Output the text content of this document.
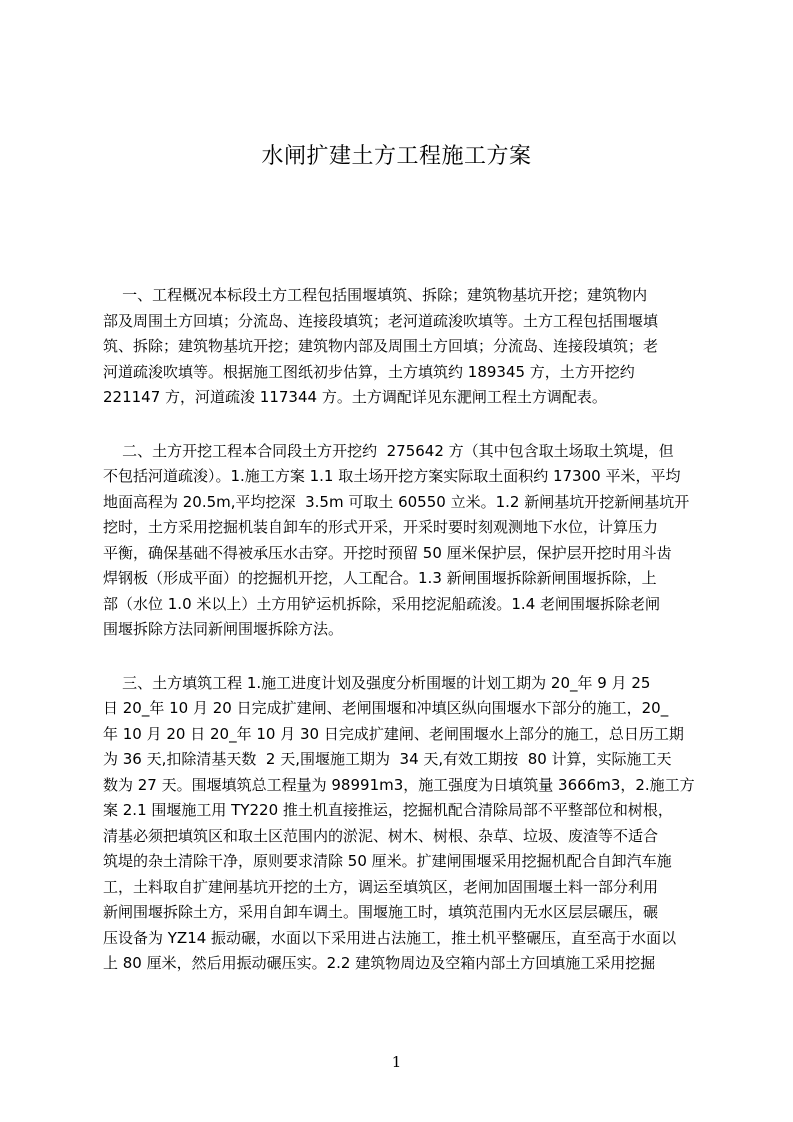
水闸扩建土方工程施工方案
一、工程概况本标段土方工程包括围堰填筑、拆除；建筑物基坑开挖；建筑物内
部及周围土方回填；分流岛、连接段填筑；老河道疏浚吹填等。土方工程包括围堰填
筑、拆除；建筑物基坑开挖；建筑物内部及周围土方回填；分流岛、连接段填筑；老
河道疏浚吹填等。根据施工图纸初步估算，土方填筑约 189345 方，土方开挖约
221147 方，河道疏浚 117344 方。土方调配详见东淝闸工程土方调配表。
二、土方开挖工程本合同段土方开挖约  275642 方（其中包含取土场取土筑堤，但
不包括河道疏浚）。1.施工方案 1.1 取土场开挖方案实际取土面积约 17300 平米，平均
地面高程为 20.5m,平均挖深  3.5m 可取土 60550 立米。1.2 新闸基坑开挖新闸基坑开
挖时，土方采用挖掘机装自卸车的形式开采，开采时要时刻观测地下水位，计算压力
平衡，确保基础不得被承压水击穿。开挖时预留 50 厘米保护层，保护层开挖时用斗齿
焊钢板（形成平面）的挖掘机开挖，人工配合。1.3 新闸围堰拆除新闸围堰拆除，上
部（水位 1.0 米以上）土方用铲运机拆除，采用挖泥船疏浚。1.4 老闸围堰拆除老闸
围堰拆除方法同新闸围堰拆除方法。
三、土方填筑工程 1.施工进度计划及强度分析围堰的计划工期为 20_年 9 月 25
日 20_年 10 月 20 日完成扩建闸、老闸围堰和冲填区纵向围堰水下部分的施工，20_
年 10 月 20 日 20_年 10 月 30 日完成扩建闸、老闸围堰水上部分的施工，总日历工期
为 36 天,扣除清基天数  2 天,围堰施工期为  34 天,有效工期按  80 计算，实际施工天
数为 27 天。围堰填筑总工程量为 98991m3，施工强度为日填筑量 3666m3，2.施工方
案 2.1 围堰施工用 TY220 推土机直接推运，挖掘机配合清除局部不平整部位和树根，
清基必须把填筑区和取土区范围内的淤泥、树木、树根、杂草、垃圾、废渣等不适合
筑堤的杂土清除干净，原则要求清除 50 厘米。扩建闸围堰采用挖掘机配合自卸汽车施
工，土料取自扩建闸基坑开挖的土方，调运至填筑区，老闸加固围堰土料一部分利用
新闸围堰拆除土方，采用自卸车调土。围堰施工时，填筑范围内无水区层层碾压，碾
压设备为 YZ14 振动碾，水面以下采用进占法施工，推土机平整碾压，直至高于水面以
上 80 厘米，然后用振动碾压实。2.2 建筑物周边及空箱内部土方回填施工采用挖掘
1
